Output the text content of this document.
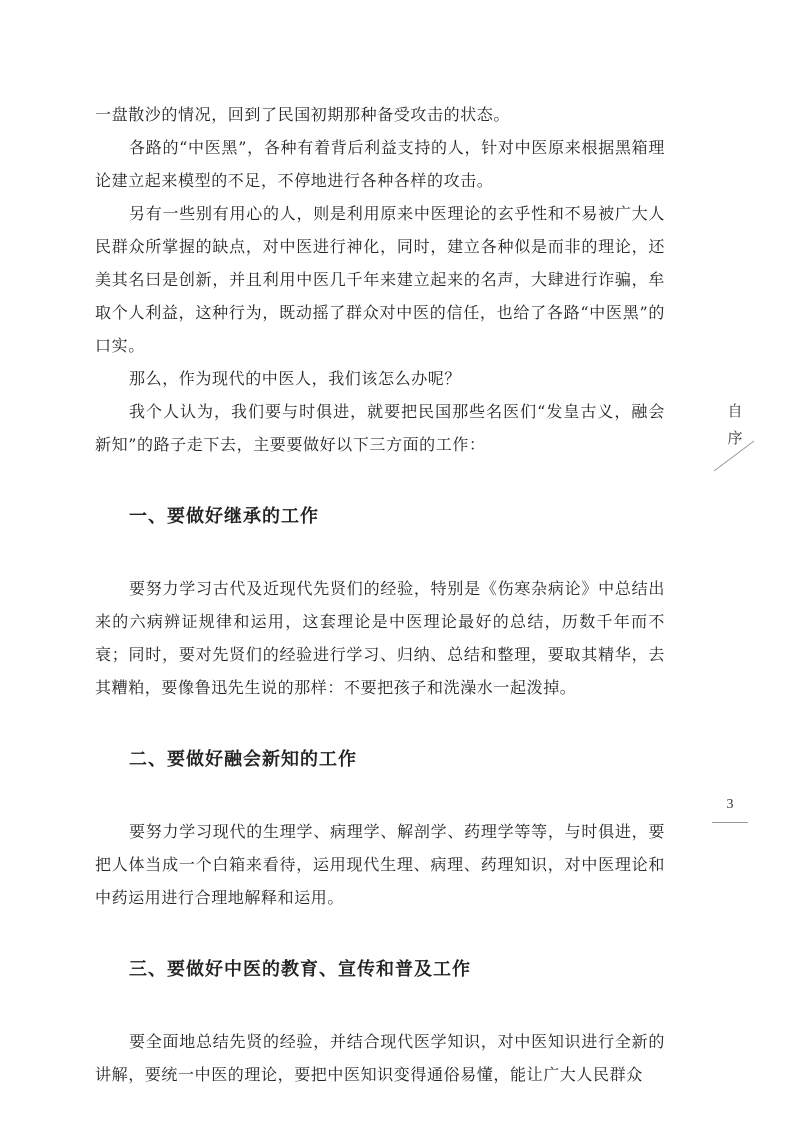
一盘散沙的情况，回到了民国初期那种备受攻击的状态。

各路的“中医黑”，各种有着背后利益支持的人，针对中医原来根据黑箱理论建立起来模型的不足，不停地进行各种各样的攻击。

另有一些别有用心的人，则是利用原来中医理论的玄乎性和不易被广大人民群众所掌握的缺点，对中医进行神化，同时，建立各种似是而非的理论，还美其名曰是创新，并且利用中医几千年来建立起来的名声，大肆进行诈骗，牟取个人利益，这种行为，既动摇了群众对中医的信任，也给了各路“中医黑”的口实。

那么，作为现代的中医人，我们该怎么办呢？

我个人认为，我们要与时俱进，就要把民国那些名医们“发皇古义，融会新知”的路子走下去，主要要做好以下三方面的工作：

一、要做好继承的工作

要努力学习古代及近现代先贤们的经验，特别是《伤寒杂病论》中总结出来的六病辨证规律和运用，这套理论是中医理论最好的总结，历数千年而不衰；同时，要对先贤们的经验进行学习、归纳、总结和整理，要取其精华，去其糟粕，要像鲁迅先生说的那样：不要把孩子和洗澡水一起泼掉。

二、要做好融会新知的工作

要努力学习现代的生理学、病理学、解剖学、药理学等等，与时俱进，要把人体当成一个白箱来看待，运用现代生理、病理、药理知识，对中医理论和中药运用进行合理地解释和运用。

三、要做好中医的教育、宣传和普及工作

要全面地总结先贤的经验，并结合现代医学知识，对中医知识进行全新的讲解，要统一中医的理论，要把中医知识变得通俗易懂，能让广大人民群众

自
序
3
